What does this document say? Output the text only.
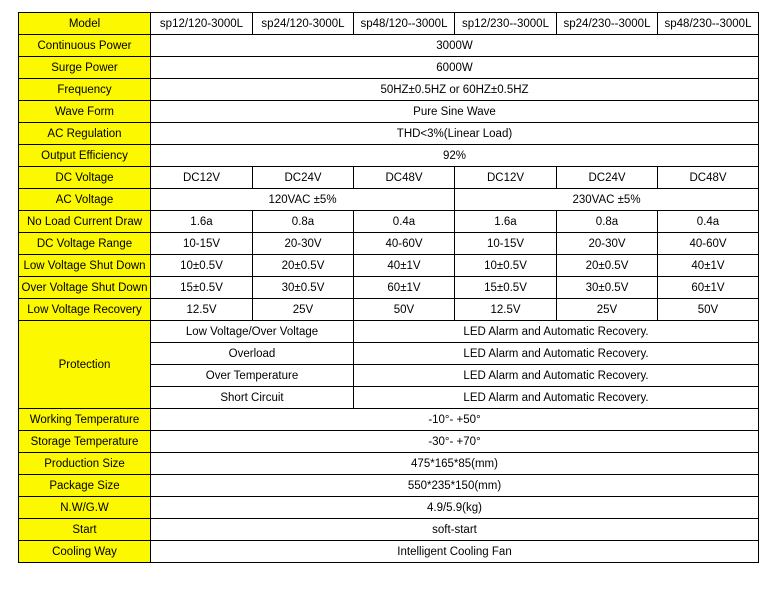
Model	sp12/120-3000L	sp24/120-3000L	sp48/120--3000L	sp12/230--3000L	sp24/230--3000L	sp48/230--3000L
Continuous Power	3000W					
Surge Power	6000W					
Frequency	50HZ±0.5HZ or 60HZ±0.5HZ					
Wave Form	Pure Sine Wave					
AC Regulation	THD<3%(Linear Load)					
Output Efficiency	92%					
DC Voltage	DC12V	DC24V	DC48V	DC12V	DC24V	DC48V
AC Voltage	120VAC ±5%			230VAC ±5%		
No Load Current Draw	1.6a	0.8a	0.4a	1.6a	0.8a	0.4a
DC Voltage Range	10-15V	20-30V	40-60V	10-15V	20-30V	40-60V
Low Voltage Shut Down	10±0.5V	20±0.5V	40±1V	10±0.5V	20±0.5V	40±1V
Over Voltage Shut Down	15±0.5V	30±0.5V	60±1V	15±0.5V	30±0.5V	60±1V
Low Voltage Recovery	12.5V	25V	50V	12.5V	25V	50V
Protection	Low Voltage/Over Voltage		LED Alarm and Automatic Recovery.			
	Overload		LED Alarm and Automatic Recovery.			
	Over Temperature		LED Alarm and Automatic Recovery.			
	Short Circuit		LED Alarm and Automatic Recovery.			
Working Temperature	-10°- +50°					
Storage Temperature	-30°- +70°					
Production Size	475*165*85(mm)					
Package Size	550*235*150(mm)					
N.W/G.W	4.9/5.9(kg)					
Start	soft-start					
Cooling Way	Intelligent Cooling Fan					
